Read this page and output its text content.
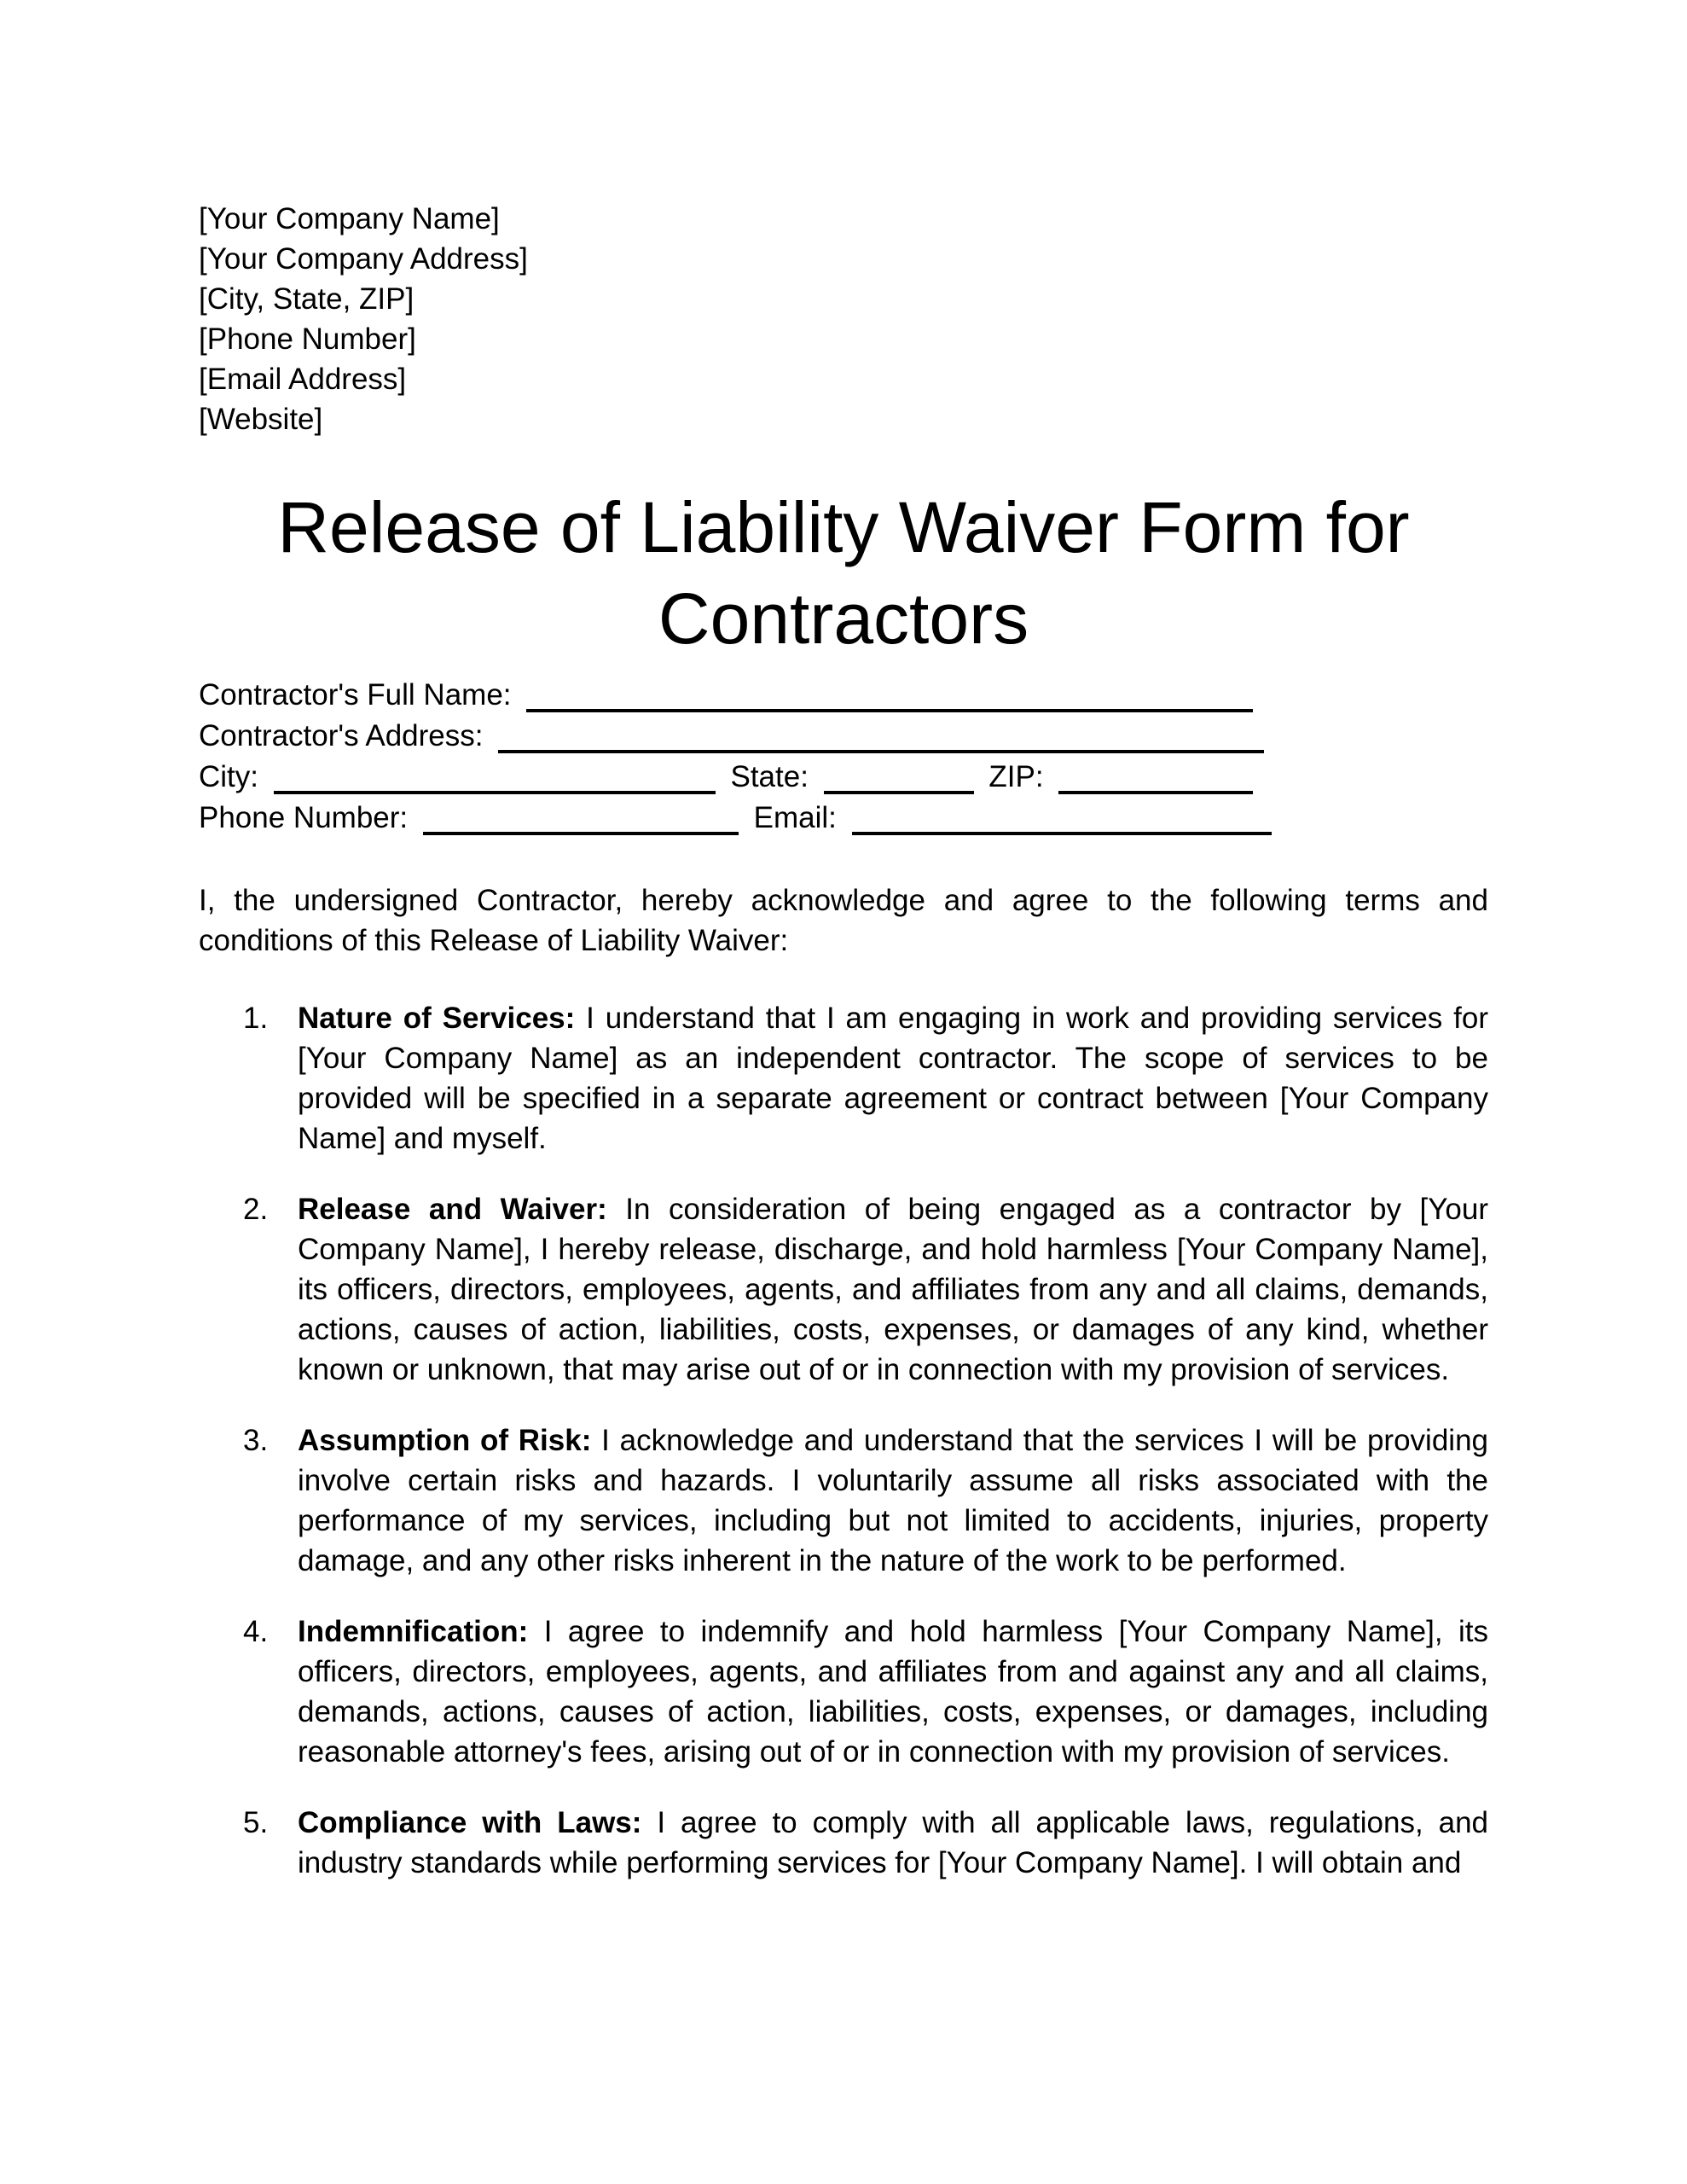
[Your Company Name]

[Your Company Address]

[City, State, ZIP]

[Phone Number]

[Email Address]

[Website]

Release of Liability Waiver Form for Contractors
Contractor's Full Name:
Contractor's Address:
City:	State:	ZIP:
Phone Number:	Email:

I, the undersigned Contractor, hereby acknowledge and agree to the following terms and conditions of this Release of Liability Waiver:

1. Nature of Services: I understand that I am engaging in work and providing services for [Your Company Name] as an independent contractor. The scope of services to be provided will be specified in a separate agreement or contract between [Your Company Name] and myself.
2. Release and Waiver: In consideration of being engaged as a contractor by [Your Company Name], I hereby release, discharge, and hold harmless [Your Company Name], its officers, directors, employees, agents, and affiliates from any and all claims, demands, actions, causes of action, liabilities, costs, expenses, or damages of any kind, whether known or unknown, that may arise out of or in connection with my provision of services.
3. Assumption of Risk: I acknowledge and understand that the services I will be providing involve certain risks and hazards. I voluntarily assume all risks associated with the performance of my services, including but not limited to accidents, injuries, property damage, and any other risks inherent in the nature of the work to be performed.
4. Indemnification: I agree to indemnify and hold harmless [Your Company Name], its officers, directors, employees, agents, and affiliates from and against any and all claims, demands, actions, causes of action, liabilities, costs, expenses, or damages, including reasonable attorney's fees, arising out of or in connection with my provision of services.
5. Compliance with Laws: I agree to comply with all applicable laws, regulations, and industry standards while performing services for [Your Company Name]. I will obtain and
